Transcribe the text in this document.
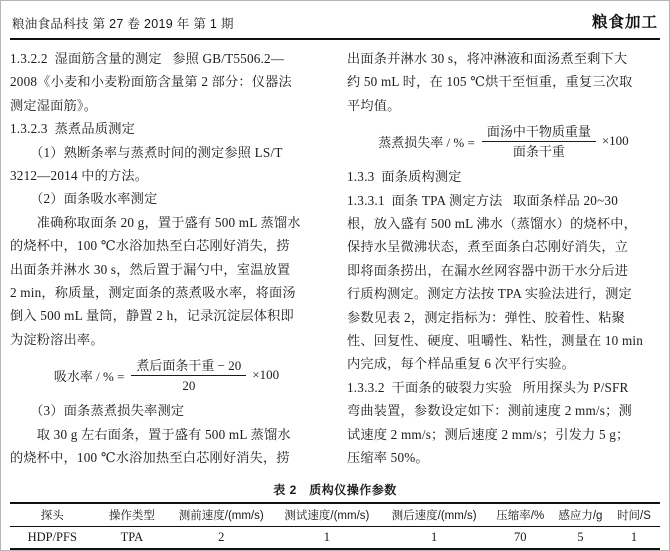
粮油食品科技 第 27 卷 2019 年 第 1 期	粮食加工
1.3.2.2  湿面筋含量的测定   参照 GB/T5506.2—
2008《小麦和小麦粉面筋含量第 2 部分：仪器法
测定湿面筋》。
1.3.2.3  蒸煮品质测定
　　（1）熟断条率与蒸煮时间的测定参照 LS/T
3212—2014 中的方法。
　　（2）面条吸水率测定
　　准确称取面条 20 g，置于盛有 500 mL 蒸馏水
的烧杯中，100 ℃水浴加热至白芯刚好消失，捞
出面条并淋水 30 s，然后置于漏勺中，室温放置
2 min，称质量，测定面条的蒸煮吸水率，将面汤
倒入 500 mL 量筒，静置 2 h，记录沉淀层体积即
为淀粉溶出率。
吸水率 / % = $\frac{\text{煮后面条干重 − 20}}{20} \times 100$
　　（3）面条蒸煮损失率测定
　　取 30 g 左右面条，置于盛有 500 mL 蒸馏水
的烧杯中，100 ℃水浴加热至白芯刚好消失，捞
出面条并淋水 30 s，将冲淋液和面汤煮至剩下大
约 50 mL 时，在 105 ℃烘干至恒重，重复三次取
平均值。
蒸煮损失率 / % = $\frac{\text{面汤中干物质重量}}{\text{面条干重}} \times 100$
1.3.3  面条质构测定
1.3.3.1  面条 TPA 测定方法   取面条样品 20~30
根，放入盛有 500 mL 沸水（蒸馏水）的烧杯中，
保持水呈微沸状态，煮至面条白芯刚好消失，立
即将面条捞出，在漏水丝网容器中沥干水分后进
行质构测定。测定方法按 TPA 实验法进行，测定
参数见表 2，测定指标为：弹性、胶着性、粘聚
性、回复性、硬度、咀嚼性、粘性，测量在 10 min
内完成，每个样品重复 6 次平行实验。
1.3.3.2  干面条的破裂力实验   所用探头为 P/SFR
弯曲装置，参数设定如下：测前速度 2 mm/s；测
试速度 2 mm/s；测后速度 2 mm/s；引发力 5 g；
压缩率 50%。
表 2　质构仪操作参数
探头	操作类型	测前速度/(mm/s)	测试速度/(mm/s)	测后速度/(mm/s)	压缩率/%	感应力/g	时间/S
HDP/PFS	TPA	2	1	1	70	5	1
